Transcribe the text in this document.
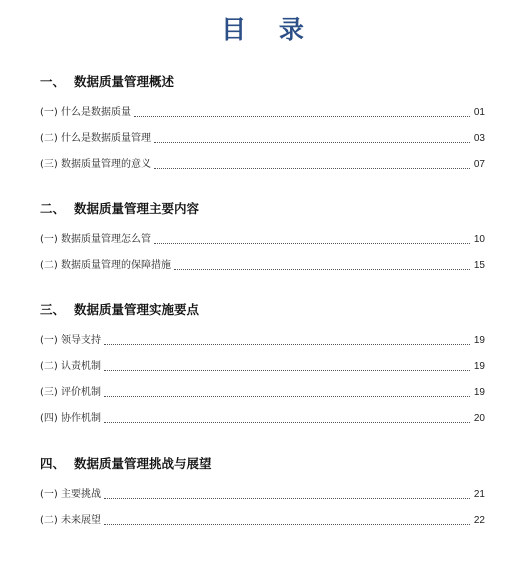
目 录
一、 数据质量管理概述
(一) 什么是数据质量	01
(二) 什么是数据质量管理	03
(三) 数据质量管理的意义	07
二、 数据质量管理主要内容
(一) 数据质量管理怎么管	10
(二) 数据质量管理的保障措施	15
三、 数据质量管理实施要点
(一) 领导支持	19
(二) 认责机制	19
(三) 评价机制	19
(四) 协作机制	20
四、 数据质量管理挑战与展望
(一) 主要挑战	21
(二) 未来展望	22
